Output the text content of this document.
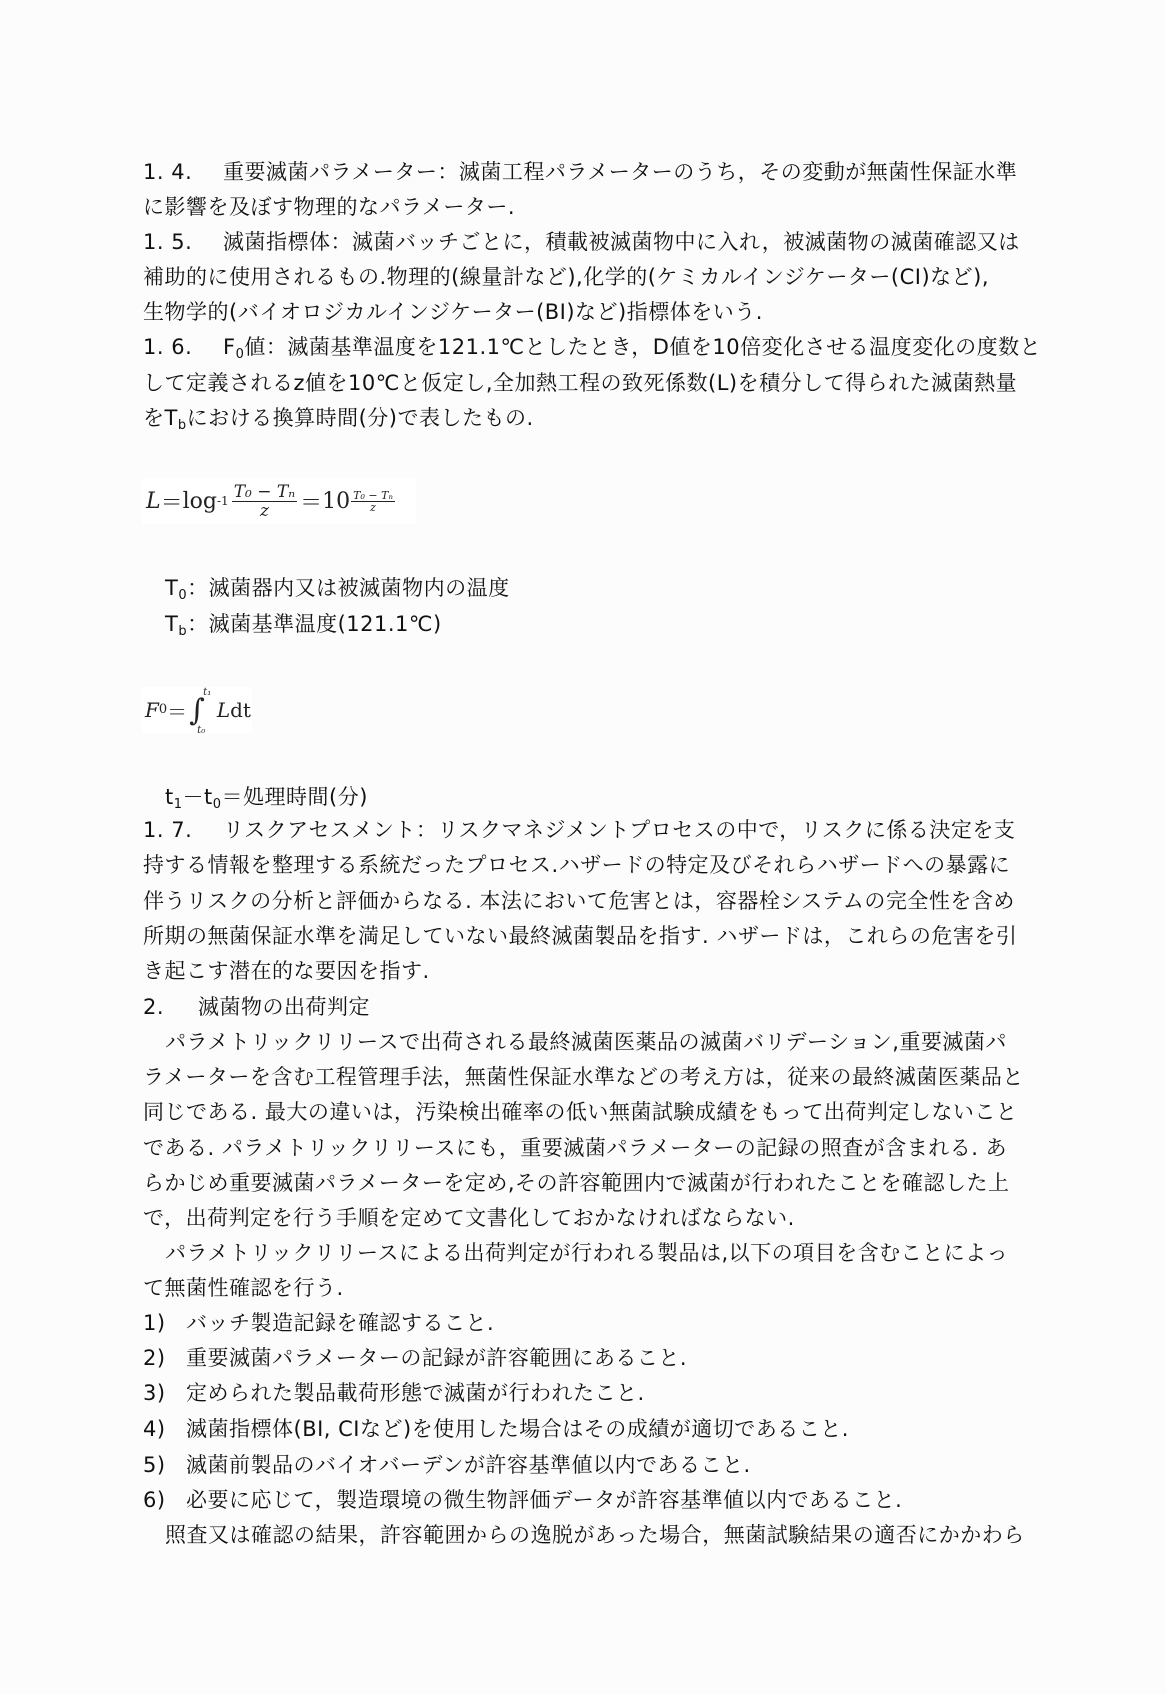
1. 4. 重要滅菌パラメーター：滅菌工程パラメーターのうち，その変動が無菌性保証水準
に影響を及ぼす物理的なパラメーター.
1. 5. 滅菌指標体：滅菌バッチごとに，積載被滅菌物中に入れ，被滅菌物の滅菌確認又は
補助的に使用されるもの.物理的(線量計など),化学的(ケミカルインジケーター(CI)など),
生物学的(バイオロジカルインジケーター(BI)など)指標体をいう.
1. 6. $F_0$値：滅菌基準温度を121.1℃としたとき，D値を10倍変化させる温度変化の度数と
して定義されるz値を10℃と仮定し,全加熱工程の致死係数(L)を積分して得られた滅菌熱量
を$T_b$における換算時間(分)で表したもの.
$L = \log -1 \frac{\text{T₀ − Tₙ}}{z} = 10 \frac{\text{T₀ − Tₙ}}{z}$
$T_0$：滅菌器内又は被滅菌物内の温度
$T_b$：滅菌基準温度(121.1℃)
F 0 ＝ ∫
t₁
t₀
L dt
$t_1-t_0=$処理時間(分)
1. 7. リスクアセスメント：リスクマネジメントプロセスの中で，リスクに係る決定を支
持する情報を整理する系統だったプロセス.ハザードの特定及びそれらハザードへの暴露に
伴うリスクの分析と評価からなる. 本法において危害とは，容器栓システムの完全性を含め
所期の無菌保証水準を満足していない最終滅菌製品を指す. ハザードは，これらの危害を引
き起こす潜在的な要因を指す.
2. 滅菌物の出荷判定
パラメトリックリリースで出荷される最終滅菌医薬品の滅菌バリデーション,重要滅菌パ
ラメーターを含む工程管理手法，無菌性保証水準などの考え方は，従来の最終滅菌医薬品と
同じである. 最大の違いは，汚染検出確率の低い無菌試験成績をもって出荷判定しないこと
である. パラメトリックリリースにも，重要滅菌パラメーターの記録の照査が含まれる. あ
らかじめ重要滅菌パラメーターを定め,その許容範囲内で滅菌が行われたことを確認した上
で，出荷判定を行う手順を定めて文書化しておかなければならない.
パラメトリックリリースによる出荷判定が行われる製品は,以下の項目を含むことによっ
て無菌性確認を行う.
1) バッチ製造記録を確認すること.
2) 重要滅菌パラメーターの記録が許容範囲にあること.
3) 定められた製品載荷形態で滅菌が行われたこと.
4) 滅菌指標体(BI, CIなど)を使用した場合はその成績が適切であること.
5) 滅菌前製品のバイオバーデンが許容基準値以内であること.
6) 必要に応じて，製造環境の微生物評価データが許容基準値以内であること.
照査又は確認の結果，許容範囲からの逸脱があった場合，無菌試験結果の適否にかかわら
